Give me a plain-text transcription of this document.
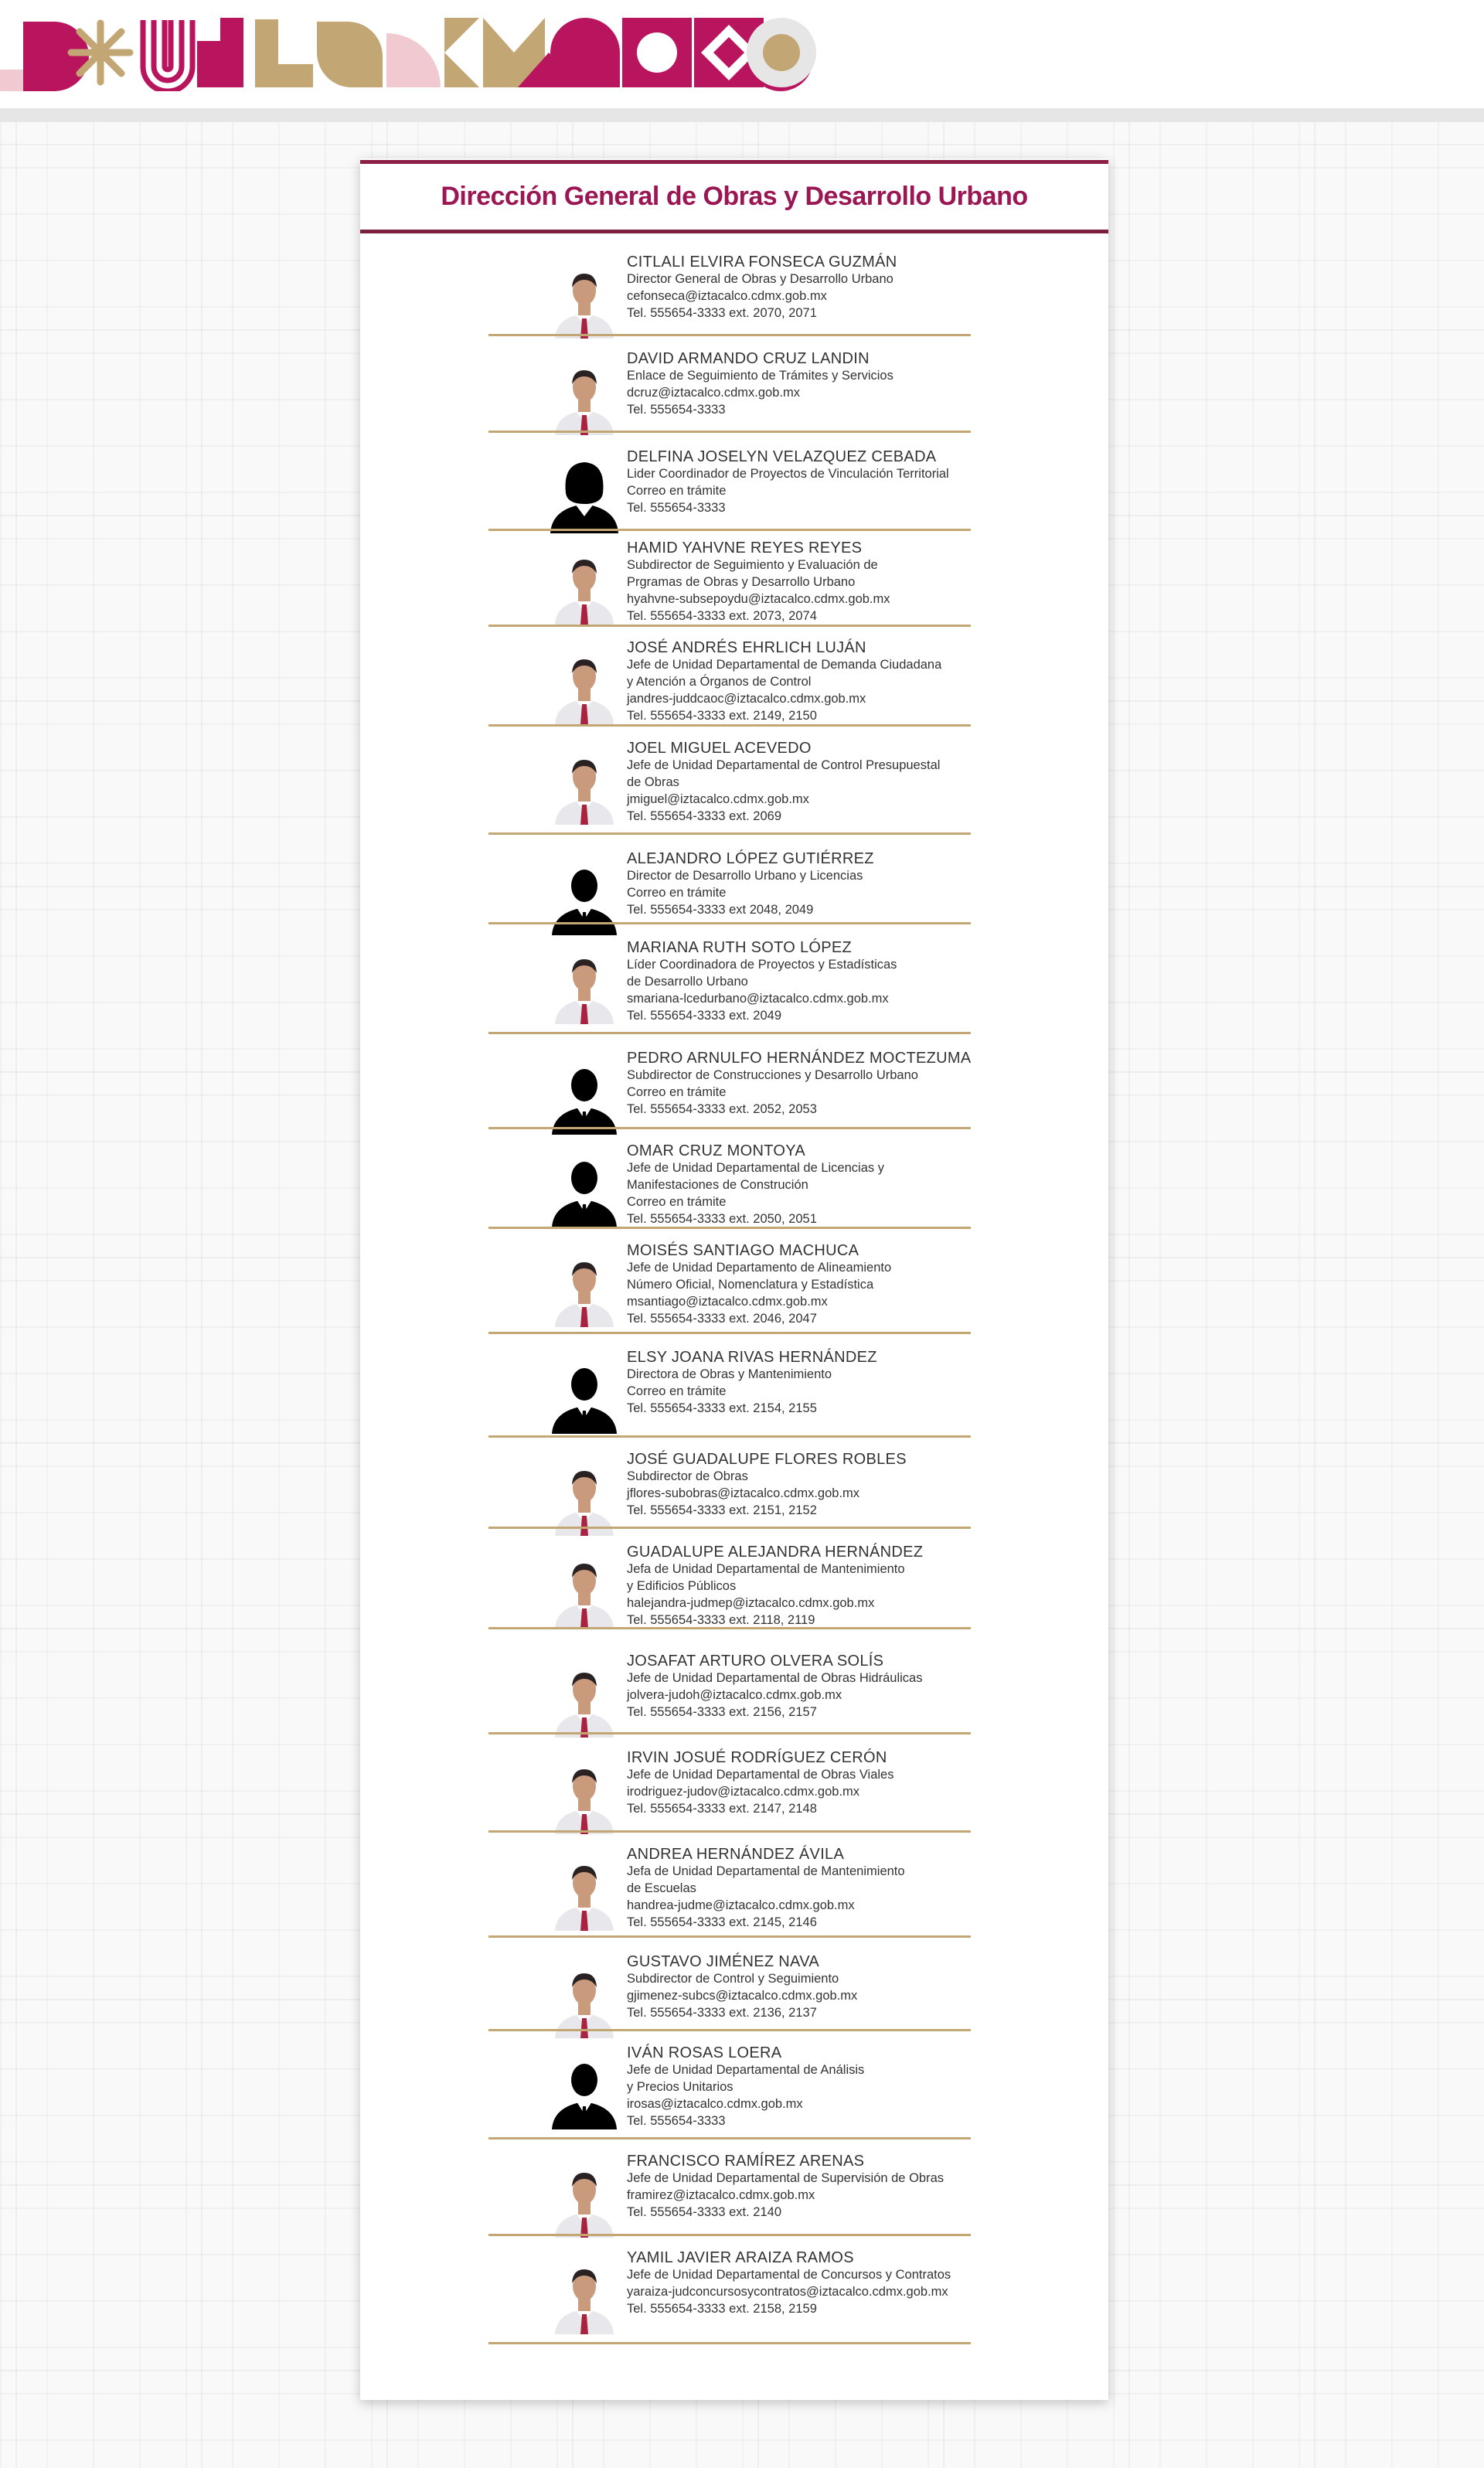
Dirección General de Obras y Desarrollo Urbano
CITLALI ELVIRA FONSECA GUZMÁN
Director General de Obras y Desarrollo Urbano
cefonseca@iztacalco.cdmx.gob.mx
Tel. 555654-3333 ext. 2070, 2071
DAVID ARMANDO CRUZ LANDIN
Enlace de Seguimiento de Trámites y Servicios
dcruz@iztacalco.cdmx.gob.mx
Tel. 555654-3333
DELFINA JOSELYN VELAZQUEZ CEBADA
Lider Coordinador de Proyectos de Vinculación Territorial
Correo en trámite
Tel. 555654-3333
HAMID YAHVNE REYES REYES
Subdirector de Seguimiento y Evaluación de
Prgramas de Obras y Desarrollo Urbano
hyahvne-subsepoydu@iztacalco.cdmx.gob.mx
Tel. 555654-3333 ext. 2073, 2074
JOSÉ ANDRÉS EHRLICH LUJÁN
Jefe de Unidad Departamental de Demanda Ciudadana
y Atención a Órganos de Control
jandres-juddcaoc@iztacalco.cdmx.gob.mx
Tel. 555654-3333 ext. 2149, 2150
JOEL MIGUEL ACEVEDO
Jefe de Unidad Departamental de Control Presupuestal
de Obras
jmiguel@iztacalco.cdmx.gob.mx
Tel. 555654-3333 ext. 2069
ALEJANDRO LÓPEZ GUTIÉRREZ
Director de Desarrollo Urbano y Licencias
Correo en trámite
Tel. 555654-3333 ext 2048, 2049
MARIANA RUTH SOTO LÓPEZ
Líder Coordinadora de Proyectos y Estadísticas
de Desarrollo Urbano
smariana-lcedurbano@iztacalco.cdmx.gob.mx
Tel. 555654-3333 ext. 2049
PEDRO ARNULFO HERNÁNDEZ MOCTEZUMA
Subdirector de Construcciones y Desarrollo Urbano
Correo en trámite
Tel. 555654-3333 ext. 2052, 2053
OMAR CRUZ MONTOYA
Jefe de Unidad Departamental de Licencias y
Manifestaciones de Construción
Correo en trámite
Tel. 555654-3333 ext. 2050, 2051
MOISÉS SANTIAGO MACHUCA
Jefe de Unidad Departamento de Alineamiento
Número Oficial, Nomenclatura y Estadística
msantiago@iztacalco.cdmx.gob.mx
Tel. 555654-3333 ext. 2046, 2047
ELSY JOANA RIVAS HERNÁNDEZ
Directora de Obras y Mantenimiento
Correo en trámite
Tel. 555654-3333 ext. 2154, 2155
JOSÉ GUADALUPE FLORES ROBLES
Subdirector de Obras
jflores-subobras@iztacalco.cdmx.gob.mx
Tel. 555654-3333 ext. 2151, 2152
GUADALUPE ALEJANDRA HERNÁNDEZ
Jefa de Unidad Departamental de Mantenimiento
y Edificios Públicos
halejandra-judmep@iztacalco.cdmx.gob.mx
Tel. 555654-3333 ext. 2118, 2119
JOSAFAT ARTURO OLVERA SOLÍS
Jefe de Unidad Departamental de Obras Hidráulicas
jolvera-judoh@iztacalco.cdmx.gob.mx
Tel. 555654-3333 ext. 2156, 2157
IRVIN JOSUÉ RODRÍGUEZ CERÓN
Jefe de Unidad Departamental de Obras Viales
irodriguez-judov@iztacalco.cdmx.gob.mx
Tel. 555654-3333 ext. 2147, 2148
ANDREA HERNÁNDEZ ÁVILA
Jefa de Unidad Departamental de Mantenimiento
de Escuelas
handrea-judme@iztacalco.cdmx.gob.mx
Tel. 555654-3333 ext. 2145, 2146
GUSTAVO JIMÉNEZ NAVA
Subdirector de Control y Seguimiento
gjimenez-subcs@iztacalco.cdmx.gob.mx
Tel. 555654-3333 ext. 2136, 2137
IVÁN ROSAS LOERA
Jefe de Unidad Departamental de Análisis
y Precios Unitarios
irosas@iztacalco.cdmx.gob.mx
Tel. 555654-3333
FRANCISCO RAMÍREZ ARENAS
Jefe de Unidad Departamental de Supervisión de Obras
framirez@iztacalco.cdmx.gob.mx
Tel. 555654-3333 ext. 2140
YAMIL JAVIER ARAIZA RAMOS
Jefe de Unidad Departamental de Concursos y Contratos
yaraiza-judconcursosycontratos@iztacalco.cdmx.gob.mx
Tel. 555654-3333 ext. 2158, 2159
